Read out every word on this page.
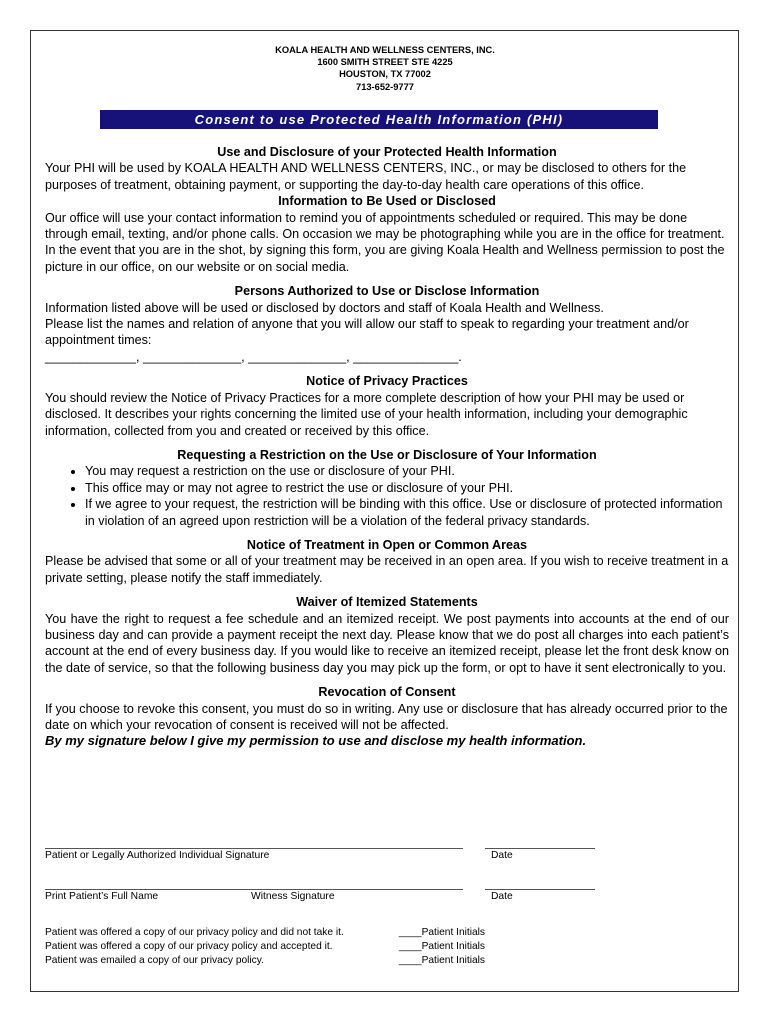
KOALA HEALTH AND WELLNESS CENTERS, INC.
1600 SMITH STREET STE 4225
HOUSTON, TX 77002
713-652-9777
Consent to use Protected Health Information (PHI)
Use and Disclosure of your Protected Health Information

Your PHI will be used by KOALA HEALTH AND WELLNESS CENTERS, INC., or may be disclosed to others for the purposes of treatment, obtaining payment, or supporting the day-to-day health care operations of this office.

Information to Be Used or Disclosed

Our office will use your contact information to remind you of appointments scheduled or required. This may be done through email, texting, and/or phone calls. On occasion we may be photographing while you are in the office for treatment. In the event that you are in the shot, by signing this form, you are giving Koala Health and Wellness permission to post the picture in our office, on our website or on social media.

Persons Authorized to Use or Disclose Information

Information listed above will be used or disclosed by doctors and staff of Koala Health and Wellness.

Please list the names and relation of anyone that you will allow our staff to speak to regarding your treatment and/or appointment times:

_____________, ______________, ______________, _______________.

Notice of Privacy Practices

You should review the Notice of Privacy Practices for a more complete description of how your PHI may be used or disclosed. It describes your rights concerning the limited use of your health information, including your demographic information, collected from you and created or received by this office.

Requesting a Restriction on the Use or Disclosure of Your Information
• You may request a restriction on the use or disclosure of your PHI.
• This office may or may not agree to restrict the use or disclosure of your PHI.
• If we agree to your request, the restriction will be binding with this office. Use or disclosure of protected information in violation of an agreed upon restriction will be a violation of the federal privacy standards.
Notice of Treatment in Open or Common Areas

Please be advised that some or all of your treatment may be received in an open area. If you wish to receive treatment in a private setting, please notify the staff immediately.

Waiver of Itemized Statements

You have the right to request a fee schedule and an itemized receipt. We post payments into accounts at the end of our business day and can provide a payment receipt the next day. Please know that we do post all charges into each patient’s account at the end of every business day. If you would like to receive an itemized receipt, please let the front desk know on the date of service, so that the following business day you may pick up the form, or opt to have it sent electronically to you.

Revocation of Consent

If you choose to revoke this consent, you must do so in writing. Any use or disclosure that has already occurred prior to the date on which your revocation of consent is received will not be affected.

By my signature below I give my permission to use and disclose my health information.

Patient or Legally Authorized Individual Signature	Date
Print Patient’s Full Name	Witness Signature	Date
Patient was offered a copy of our privacy policy and did not take it.	____Patient Initials
Patient was offered a copy of our privacy policy and accepted it.	____Patient Initials
Patient was emailed a copy of our privacy policy.	____Patient Initials
